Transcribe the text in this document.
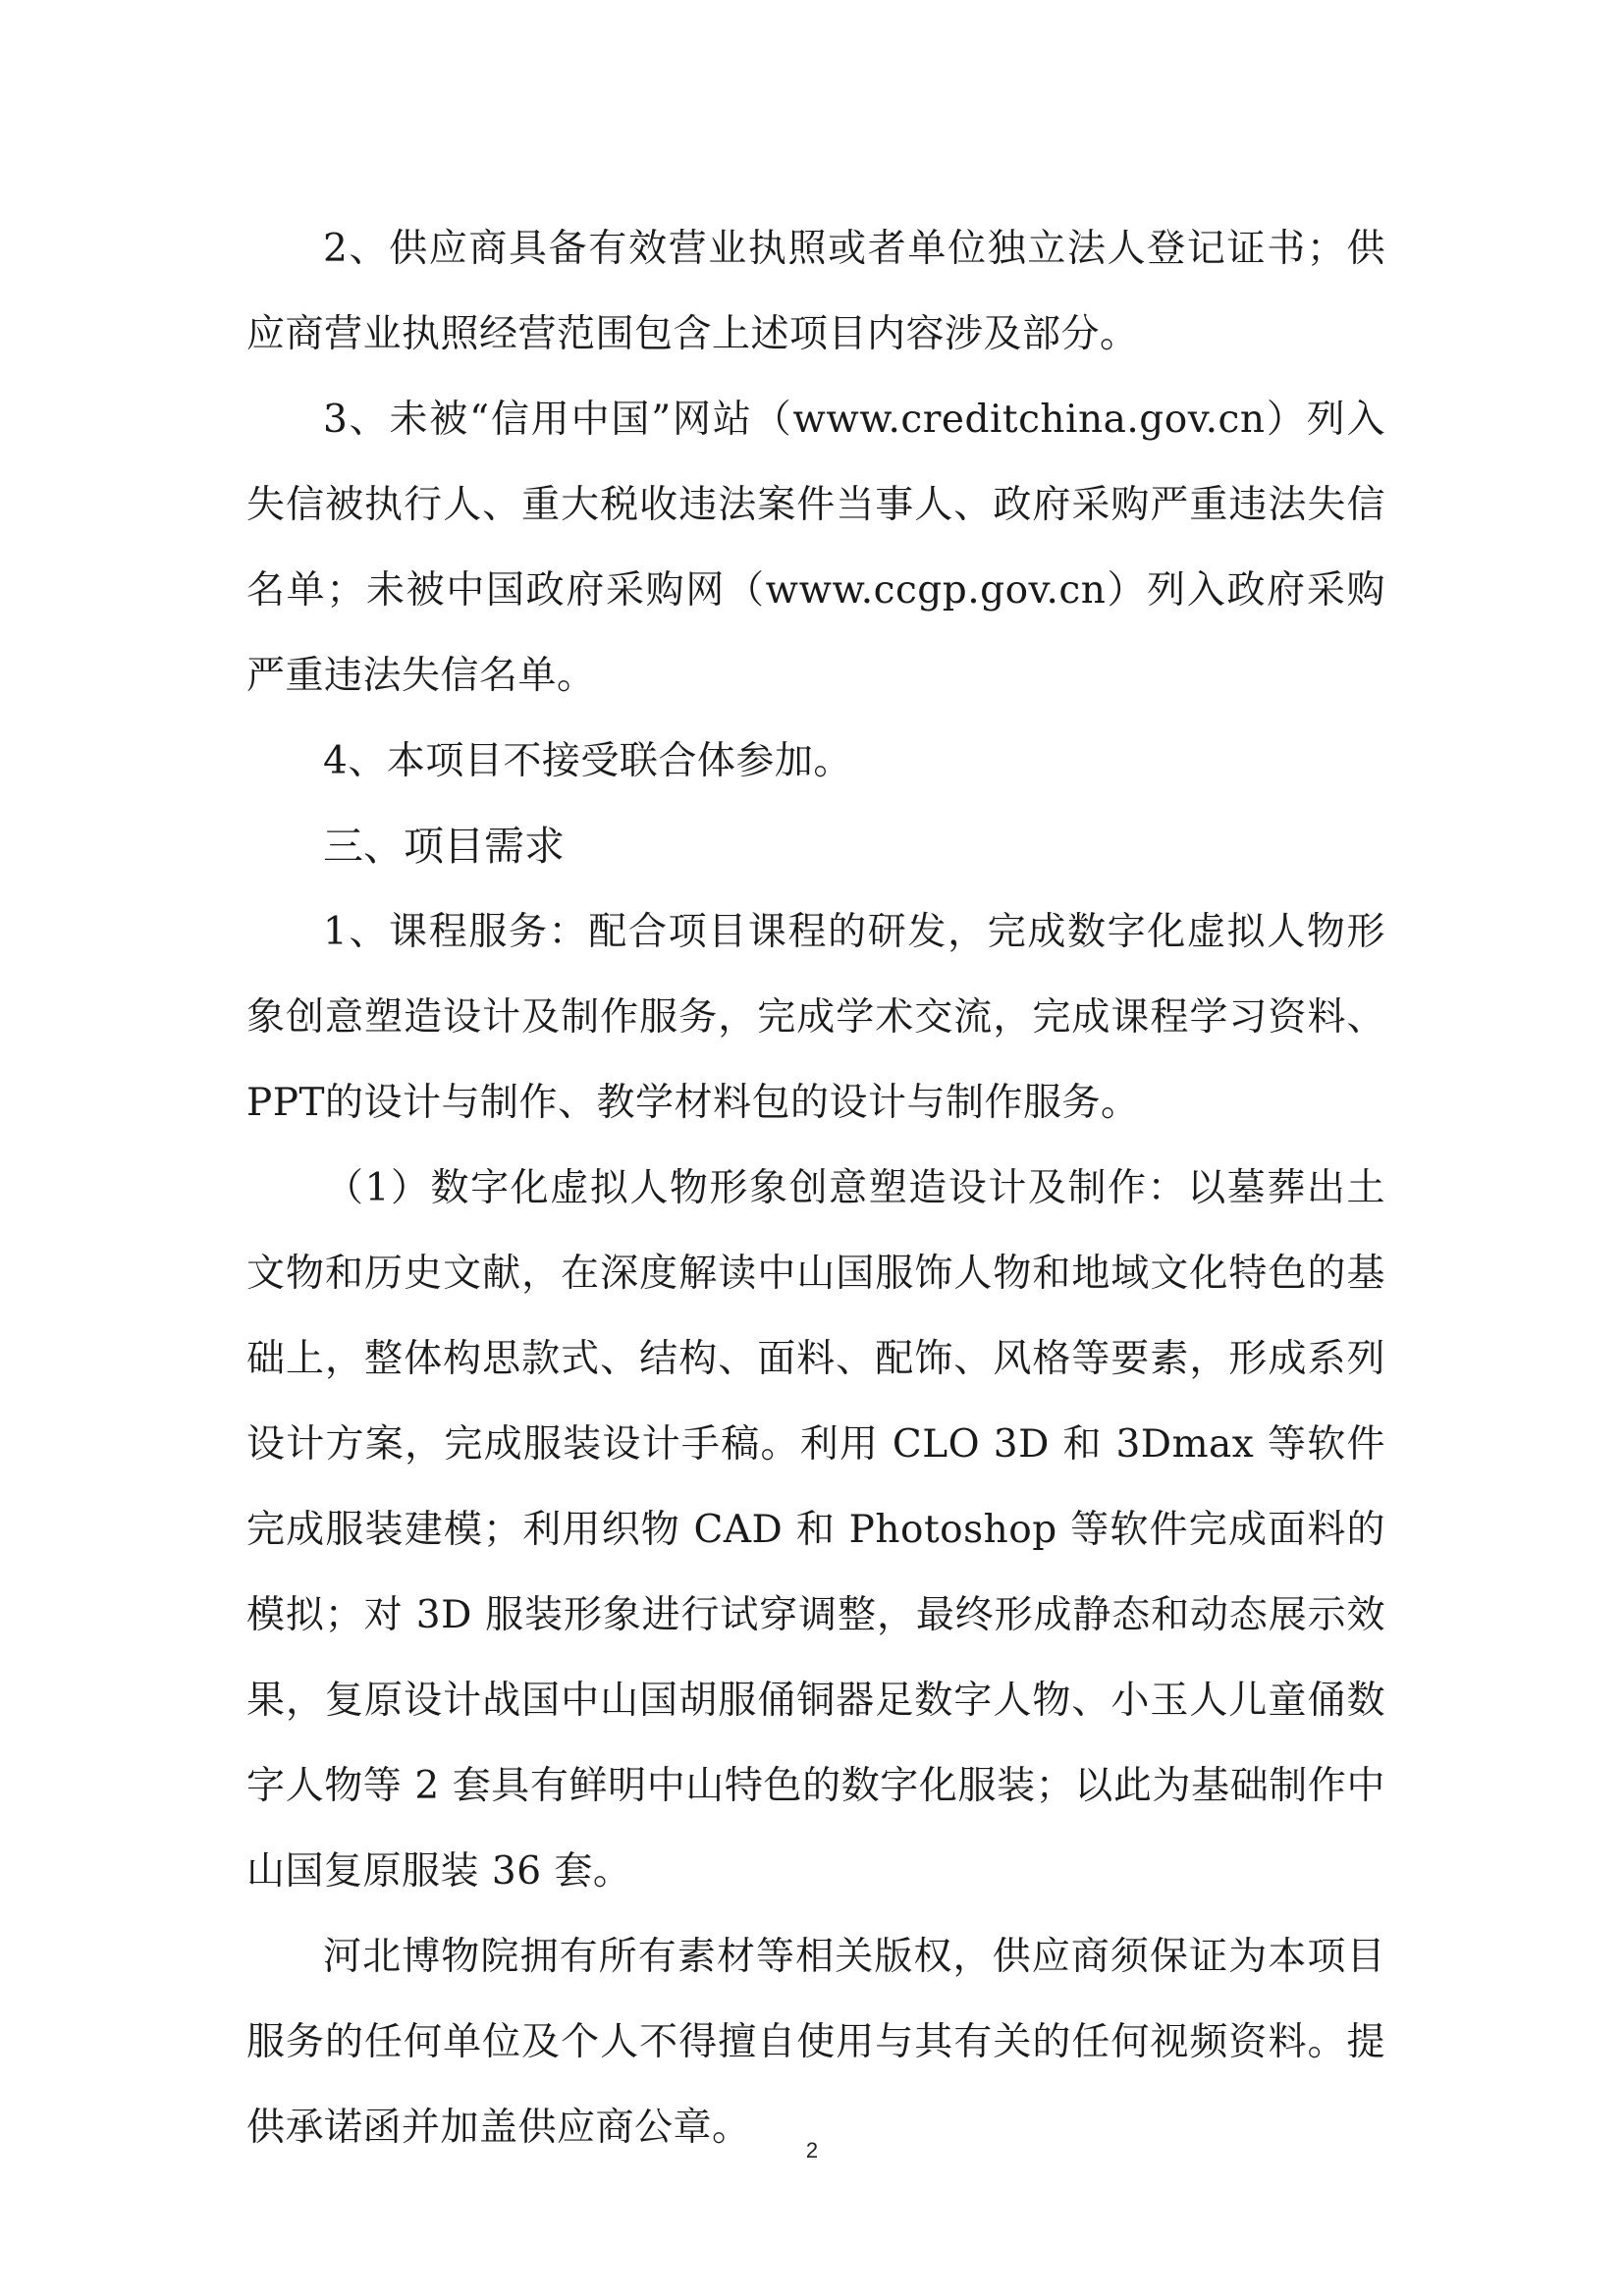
2、供应商具备有效营业执照或者单位独立法人登记证书；供应商营业执照经营范围包含上述项目内容涉及部分。

3、未被“信用中国”网站（www.creditchina.gov.cn）列入失信被执行人、重大税收违法案件当事人、政府采购严重违法失信名单；未被中国政府采购网（www.ccgp.gov.cn）列入政府采购严重违法失信名单。

4、本项目不接受联合体参加。

三、项目需求

1、课程服务：配合项目课程的研发，完成数字化虚拟人物形象创意塑造设计及制作服务，完成学术交流，完成课程学习资料、PPT的设计与制作、教学材料包的设计与制作服务。

（1）数字化虚拟人物形象创意塑造设计及制作：以墓葬出土文物和历史文献，在深度解读中山国服饰人物和地域文化特色的基础上，整体构思款式、结构、面料、配饰、风格等要素，形成系列设计方案，完成服装设计手稿。利用 CLO 3D 和 3Dmax 等软件完成服装建模；利用织物 CAD 和 Photoshop 等软件完成面料的模拟；对 3D 服装形象进行试穿调整，最终形成静态和动态展示效果，复原设计战国中山国胡服俑铜器足数字人物、小玉人儿童俑数字人物等 2 套具有鲜明中山特色的数字化服装；以此为基础制作中山国复原服装 36 套。

河北博物院拥有所有素材等相关版权，供应商须保证为本项目服务的任何单位及个人不得擅自使用与其有关的任何视频资料。提供承诺函并加盖供应商公章。

2
